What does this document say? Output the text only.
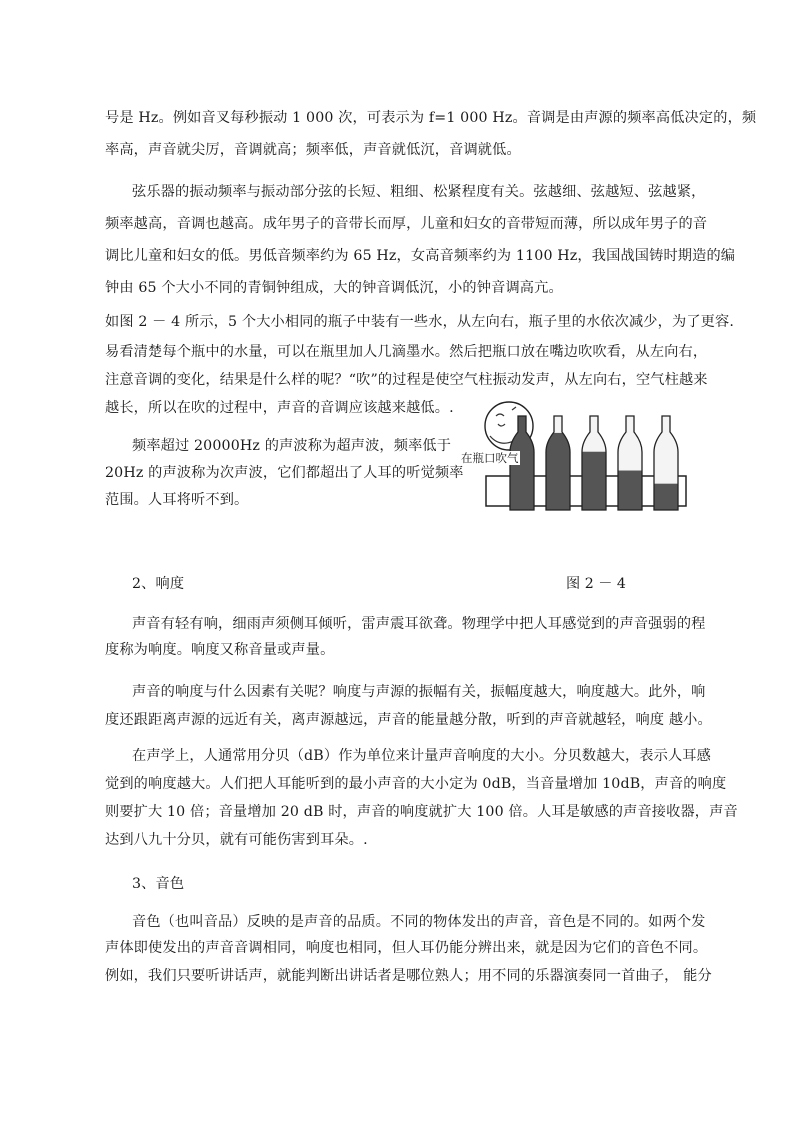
号是 Hz。例如音叉每秒振动 1 000 次，可表示为 f=1 000 Hz。音调是由声源的频率高低决定的，频
率高，声音就尖厉，音调就高；频率低，声音就低沉，音调就低。
弦乐器的振动频率与振动部分弦的长短、粗细、松紧程度有关。弦越细、弦越短、弦越紧，
频率越高，音调也越高。成年男子的音带长而厚，儿童和妇女的音带短而薄，所以成年男子的音
调比儿童和妇女的低。男低音频率约为 65 Hz，女高音频率约为 1100 Hz，我国战国铸时期造的编
钟由 65 个大小不同的青铜钟组成，大的钟音调低沉，小的钟音调高亢。
如图 2 － 4 所示，5 个大小相同的瓶子中装有一些水，从左向右，瓶子里的水依次减少，为了更容.
易看清楚每个瓶中的水量，可以在瓶里加人几滴墨水。然后把瓶口放在嘴边吹吹看，从左向右，
注意音调的变化，结果是什么样的呢？“吹”的过程是使空气柱振动发声，从左向右，空气柱越来
越长，所以在吹的过程中，声音的音调应该越来越低。.
频率超过 20000Hz 的声波称为超声波，频率低于
20Hz 的声波称为次声波，它们都超出了人耳的听觉频率
范围。人耳将听不到。
在瓶口吹气
2、响度	图 2 － 4
声音有轻有响，细雨声须侧耳倾听，雷声震耳欲聋。物理学中把人耳感觉到的声音强弱的程
度称为响度。响度又称音量或声量。
声音的响度与什么因素有关呢？响度与声源的振幅有关，振幅度越大，响度越大。此外，响
度还跟距离声源的远近有关，离声源越远，声音的能量越分散，听到的声音就越轻，响度 越小。
在声学上，人通常用分贝（dB）作为单位来计量声音响度的大小。分贝数越大，表示人耳感
觉到的响度越大。人们把人耳能听到的最小声音的大小定为 0dB，当音量增加 10dB，声音的响度
则要扩大 10 倍；音量增加 20 dB 时，声音的响度就扩大 100 倍。人耳是敏感的声音接收器，声音
达到八九十分贝，就有可能伤害到耳朵。.
3、音色
音色（也叫音品）反映的是声音的品质。不同的物体发出的声音，音色是不同的。如两个发
声体即使发出的声音音调相同，响度也相同，但人耳仍能分辨出来，就是因为它们的音色不同。
例如，我们只要听讲话声，就能判断出讲话者是哪位熟人；用不同的乐器演奏同一首曲子， 能分
